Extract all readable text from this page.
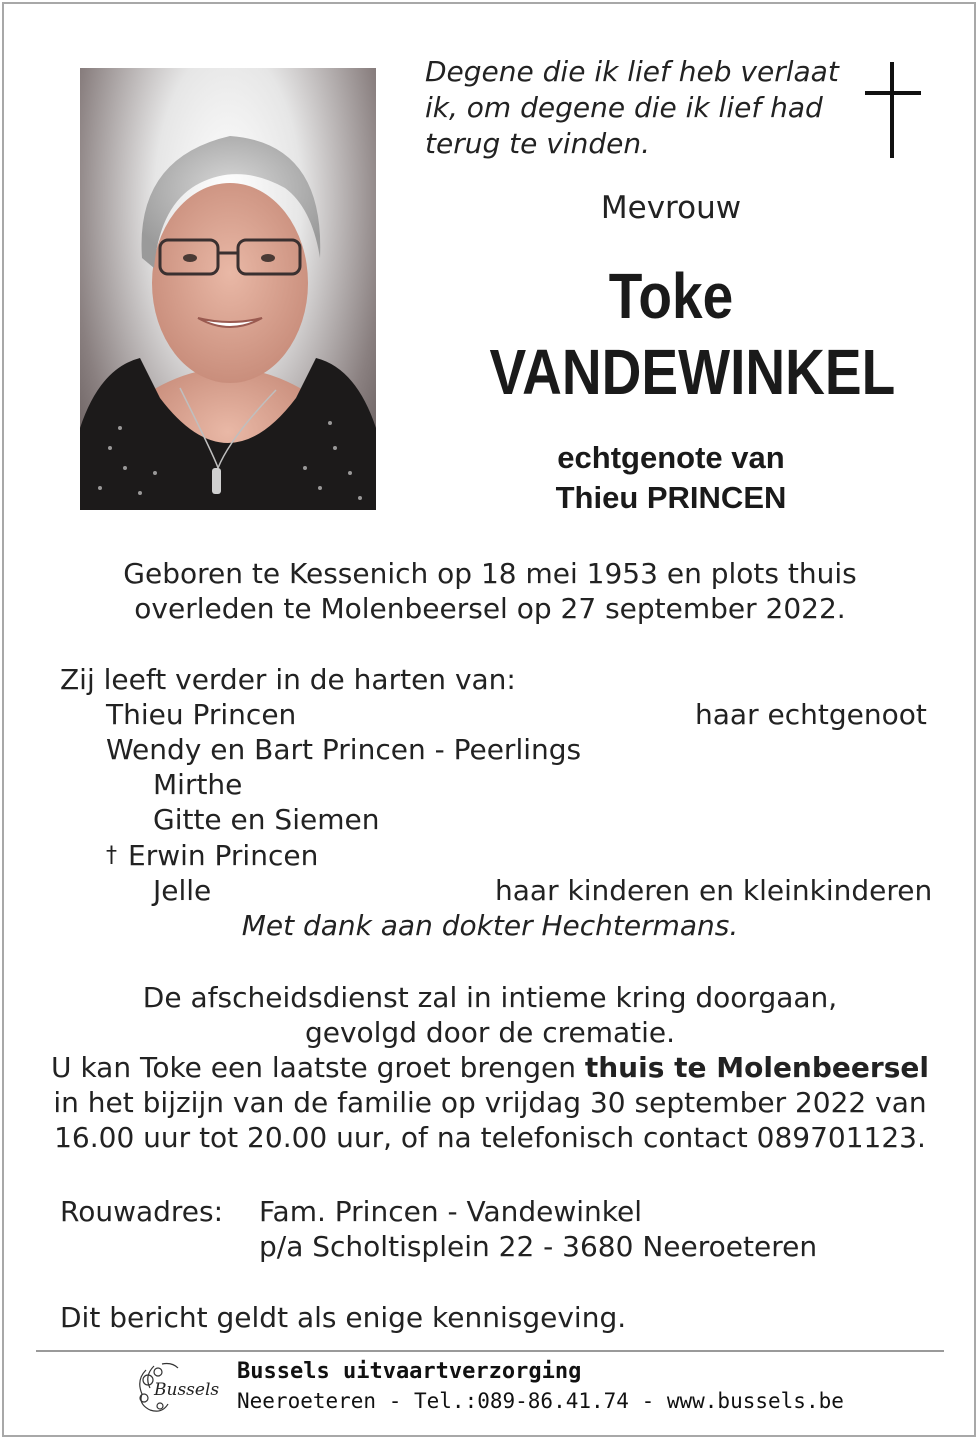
Degene die ik lief heb verlaat
ik, om degene die ik lief had
terug te vinden.
Mevrouw
Toke
VANDEWINKEL
echtgenote van
Thieu PRINCEN
Geboren te Kessenich op 18 mei 1953 en plots thuis
overleden te Molenbeersel op 27 september 2022.
Zij leeft verder in de harten van:
Thieu Princen	haar echtgenoot
Wendy en Bart Princen - Peerlings
Mirthe
Gitte en Siemen
† Erwin Princen
Jelle	haar kinderen en kleinkinderen
Met dank aan dokter Hechtermans.
De afscheidsdienst zal in intieme kring doorgaan,
gevolgd door de crematie.
U kan Toke een laatste groet brengen thuis te Molenbeersel
in het bijzijn van de familie op vrijdag 30 september 2022 van
16.00 uur tot 20.00 uur, of na telefonisch contact 089701123.
Rouwadres: Fam. Princen - Vandewinkel
p/a Scholtisplein 22 - 3680 Neeroeteren
Dit bericht geldt als enige kennisgeving.
Bussels
Bussels uitvaartverzorging
Neeroeteren - Tel.:089-86.41.74 - www.bussels.be
